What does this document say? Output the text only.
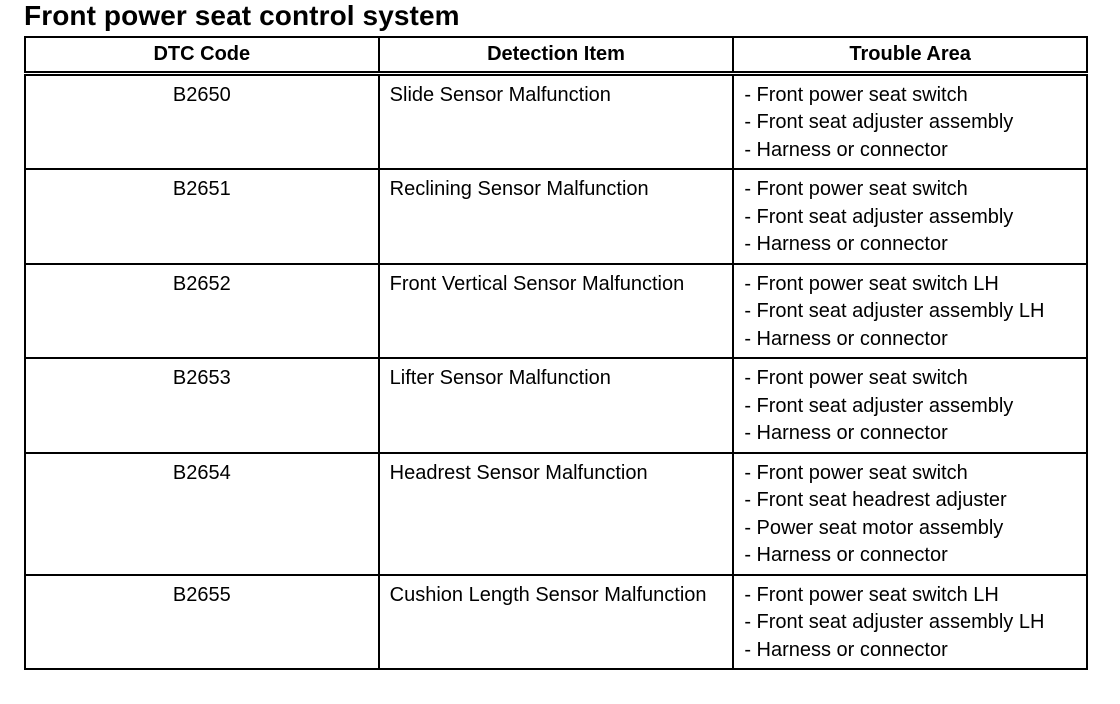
Front power seat control system
DTC Code	Detection Item	Trouble Area
B2650	Slide Sensor Malfunction	- Front power seat switch
- Front seat adjuster assembly
- Harness or connector

B2651	Reclining Sensor Malfunction	- Front power seat switch
- Front seat adjuster assembly
- Harness or connector

B2652	Front Vertical Sensor Malfunction	- Front power seat switch LH
- Front seat adjuster assembly LH
- Harness or connector

B2653	Lifter Sensor Malfunction	- Front power seat switch
- Front seat adjuster assembly
- Harness or connector

B2654	Headrest Sensor Malfunction	- Front power seat switch
- Front seat headrest adjuster
- Power seat motor assembly
- Harness or connector

B2655	Cushion Length Sensor Malfunction	- Front power seat switch LH
- Front seat adjuster assembly LH
- Harness or connector
